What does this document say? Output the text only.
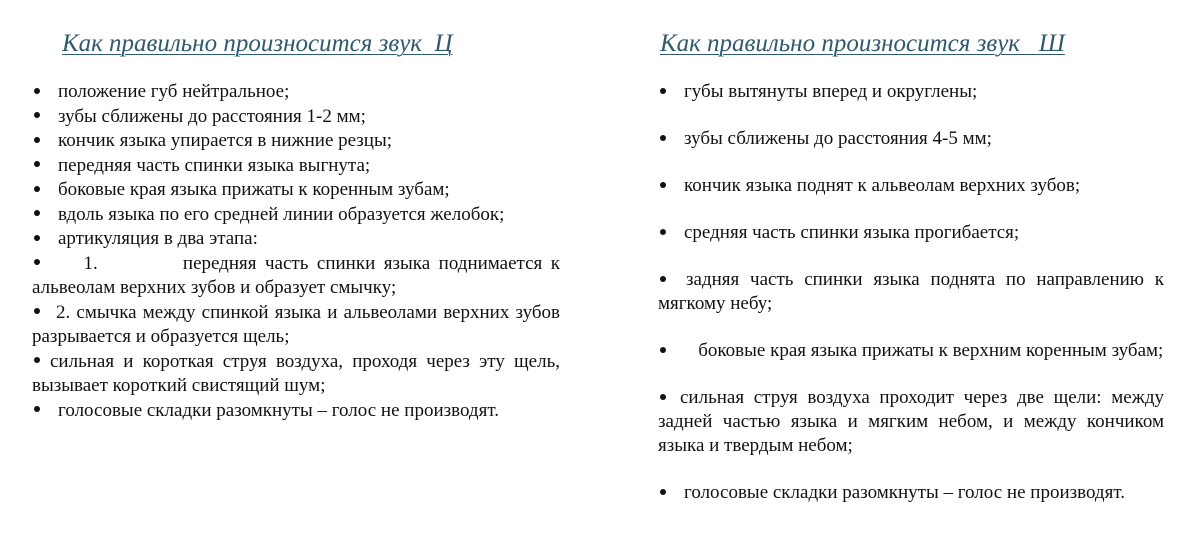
Как правильно произносится звук  Ц
положение губ нейтральное;
зубы сближены до расстояния 1-2 мм;
кончик языка упирается в нижние резцы;
передняя часть спинки языка выгнута;
боковые края языка прижаты к коренным зубам;
вдоль языка по его средней линии образуется желобок;
артикуляция в два этапа:
1.          передняя часть спинки языка поднимается к альвеолам верхних зубов и образует смычку;
2. смычка между спинкой языка и альвеолами верхних зубов разрывается и образуется щель;
сильная и короткая струя воздуха, проходя через эту щель, вызывает короткий свистящий шум;
голосовые складки разомкнуты – голос не производят.
Как правильно произносится звук   Ш
губы вытянуты вперед и округлены;
зубы сближены до расстояния 4-5 мм;
кончик языка поднят к альвеолам верхних зубов;
средняя часть спинки языка прогибается;
задняя часть спинки языка поднята по направлению к мягкому небу;
боковые края языка прижаты к верхним коренным зубам;
сильная струя воздуха проходит через две щели: между задней частью языка и мягким небом, и между кончиком языка и твердым небом;
голосовые складки разомкнуты – голос не производят.
